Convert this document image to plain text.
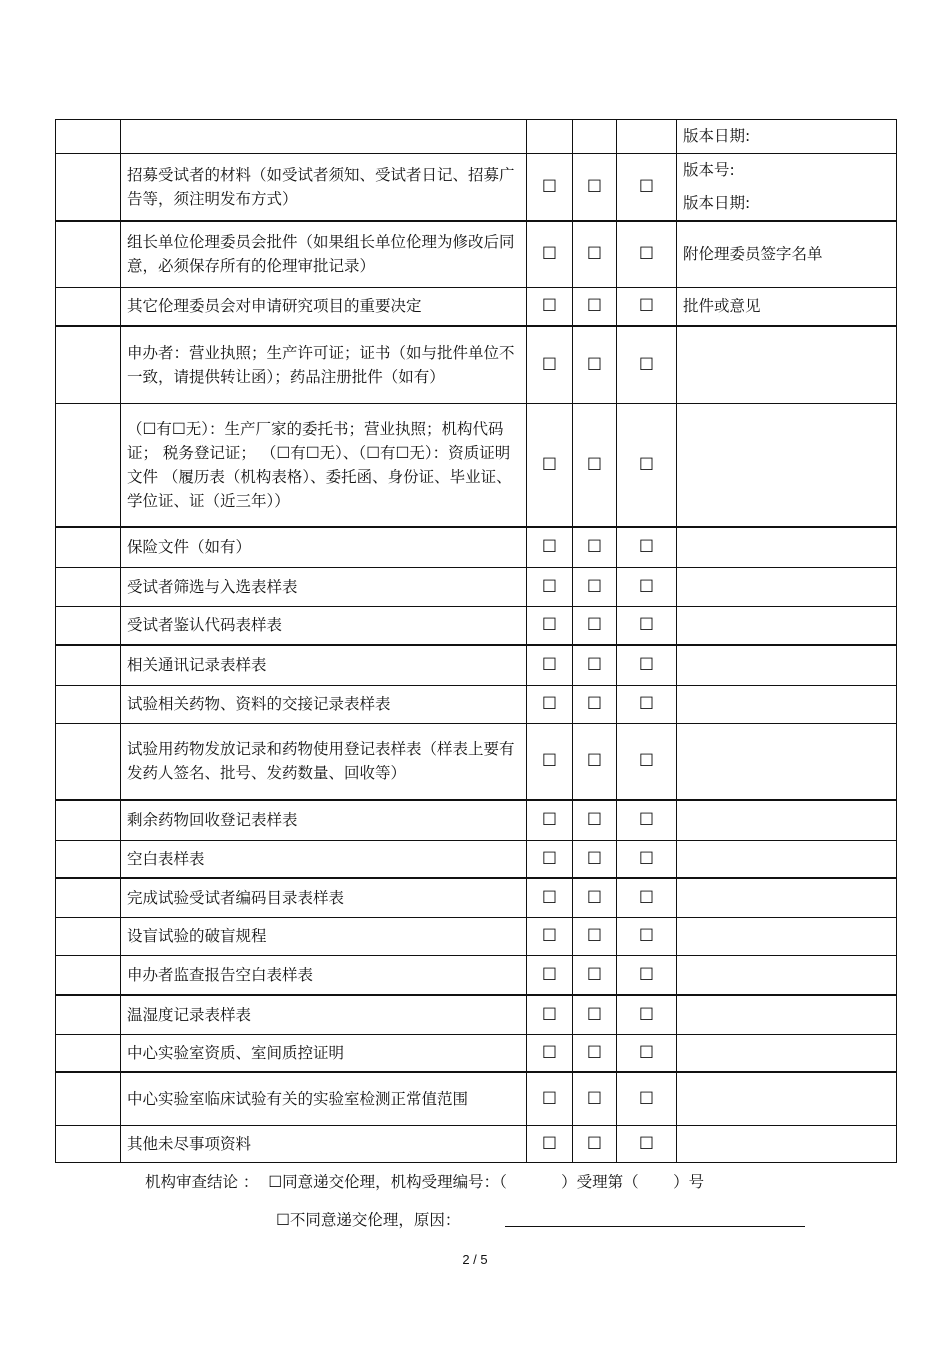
					版本日期:

	招募受试者的材料（如受试者须知、受试者日记、招募广告等，须注明发布方式）	☐	☐	☐	版本号:
版本日期:

	组长单位伦理委员会批件（如果组长单位伦理为修改后同意，必须保存所有的伦理审批记录）	☐	☐	☐	附伦理委员签字名单

	其它伦理委员会对申请研究项目的重要决定	☐	☐	☐	批件或意见

	申办者：营业执照；生产许可证；证书（如与批件单位不一致，请提供转让函）；药品注册批件（如有）	☐	☐	☐	
	（☐有☐无）：生产厂家的委托书；营业执照；机构代码证； 税务登记证； （☐有☐无）、（☐有☐无）：资质证明文件 （履历表（机构表格）、委托函、身份证、毕业证、学位证、证（近三年））	☐	☐	☐	
	保险文件（如有）	☐	☐	☐	
	受试者筛选与入选表样表	☐	☐	☐	
	受试者鉴认代码表样表	☐	☐	☐	
	相关通讯记录表样表	☐	☐	☐	
	试验相关药物、资料的交接记录表样表	☐	☐	☐	
	试验用药物发放记录和药物使用登记表样表（样表上要有发药人签名、批号、发药数量、回收等）	☐	☐	☐	
	剩余药物回收登记表样表	☐	☐	☐	
	空白表样表	☐	☐	☐	
	完成试验受试者编码目录表样表	☐	☐	☐	
	设盲试验的破盲规程	☐	☐	☐	
	申办者监查报告空白表样表	☐	☐	☐	
	温湿度记录表样表	☐	☐	☐	
	中心实验室资质、室间质控证明	☐	☐	☐	
	中心实验室临床试验有关的实验室检测正常值范围	☐	☐	☐	
	其他未尽事项资料	☐	☐	☐	
机构审查结论 ：  ☐同意递交伦理，机构受理编号：（           ）受理第（       ）号
☐不同意递交伦理，原因：
2 / 5
